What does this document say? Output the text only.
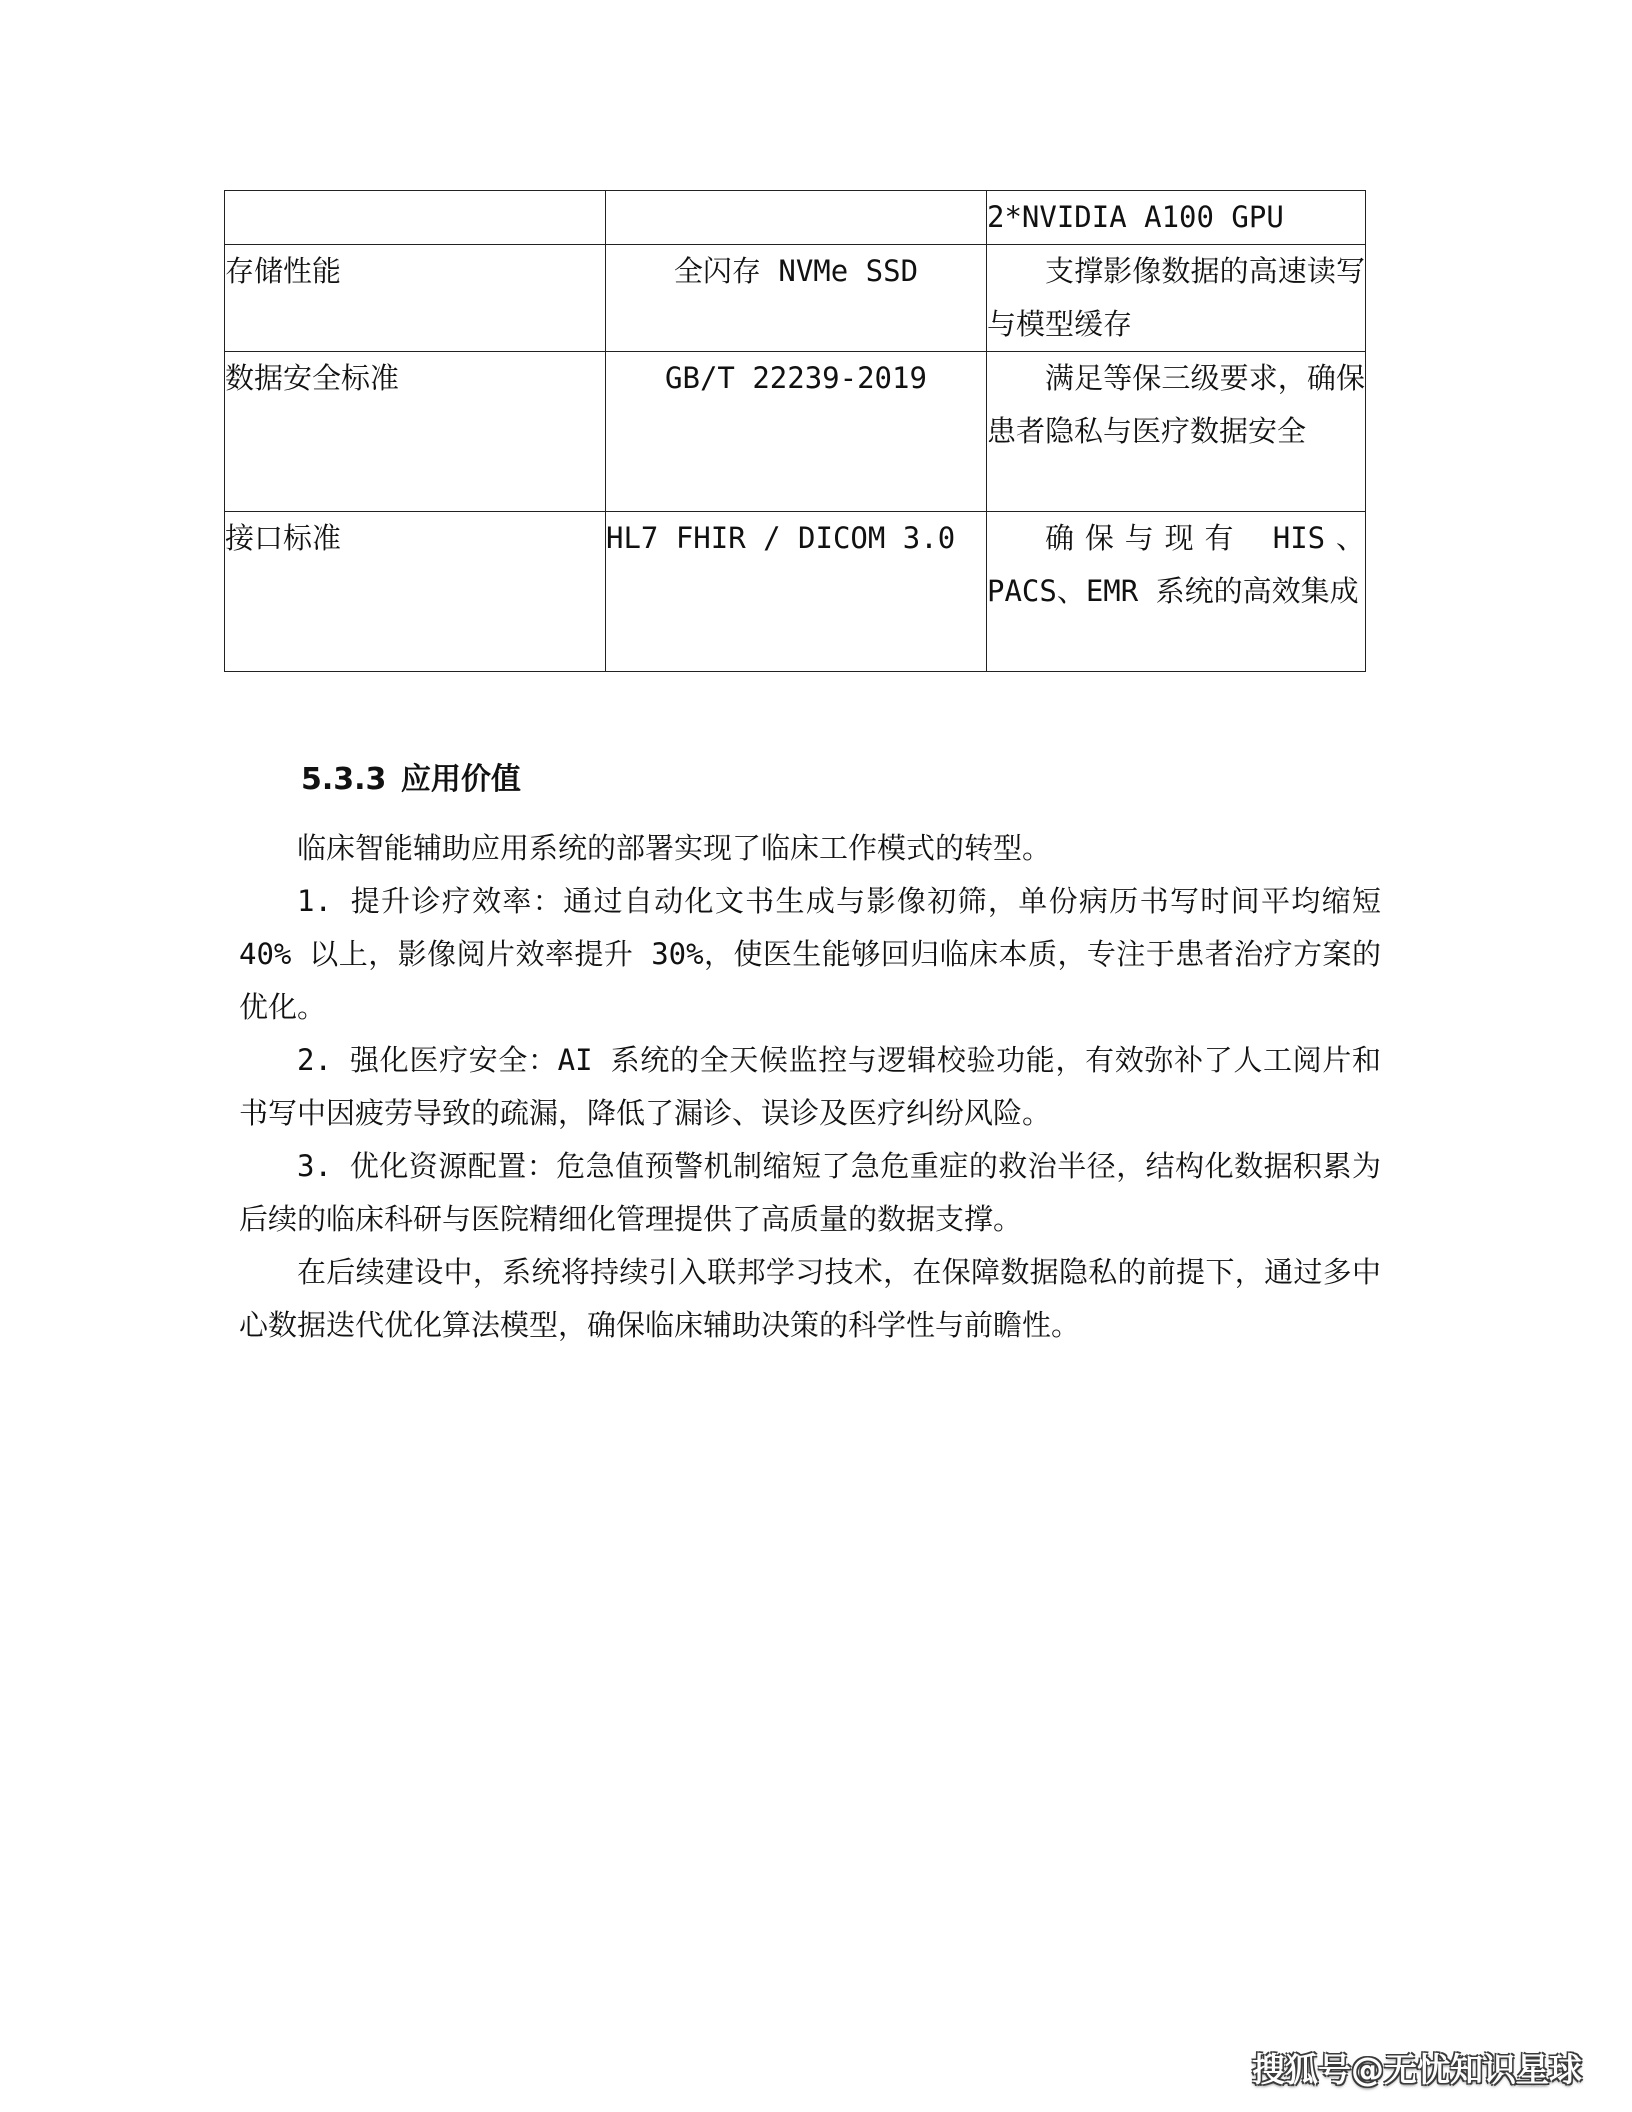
		2*NVIDIA A100 GPU
存储性能	全闪存 NVMe SSD	支撑影像数据的高速读写与模型缓存
数据安全标准	GB/T 22239-2019	满足等保三级要求，确保患者隐私与医疗数据安全
接口标准	HL7 FHIR / DICOM 3.0	确保与现有 HIS、PACS、EMR 系统的高效集成
5.3.3 应用价值

临床智能辅助应用系统的部署实现了临床工作模式的转型。

1. 提升诊疗效率：通过自动化文书生成与影像初筛，单份病历书写时间平均缩短 40% 以上，影像阅片效率提升 30%，使医生能够回归临床本质，专注于患者治疗方案的优化。

2. 强化医疗安全：AI 系统的全天候监控与逻辑校验功能，有效弥补了人工阅片和书写中因疲劳导致的疏漏，降低了漏诊、误诊及医疗纠纷风险。

3. 优化资源配置：危急值预警机制缩短了急危重症的救治半径，结构化数据积累为后续的临床科研与医院精细化管理提供了高质量的数据支撑。

在后续建设中，系统将持续引入联邦学习技术，在保障数据隐私的前提下，通过多中心数据迭代优化算法模型，确保临床辅助决策的科学性与前瞻性。

搜狐号@无忧知识星球
